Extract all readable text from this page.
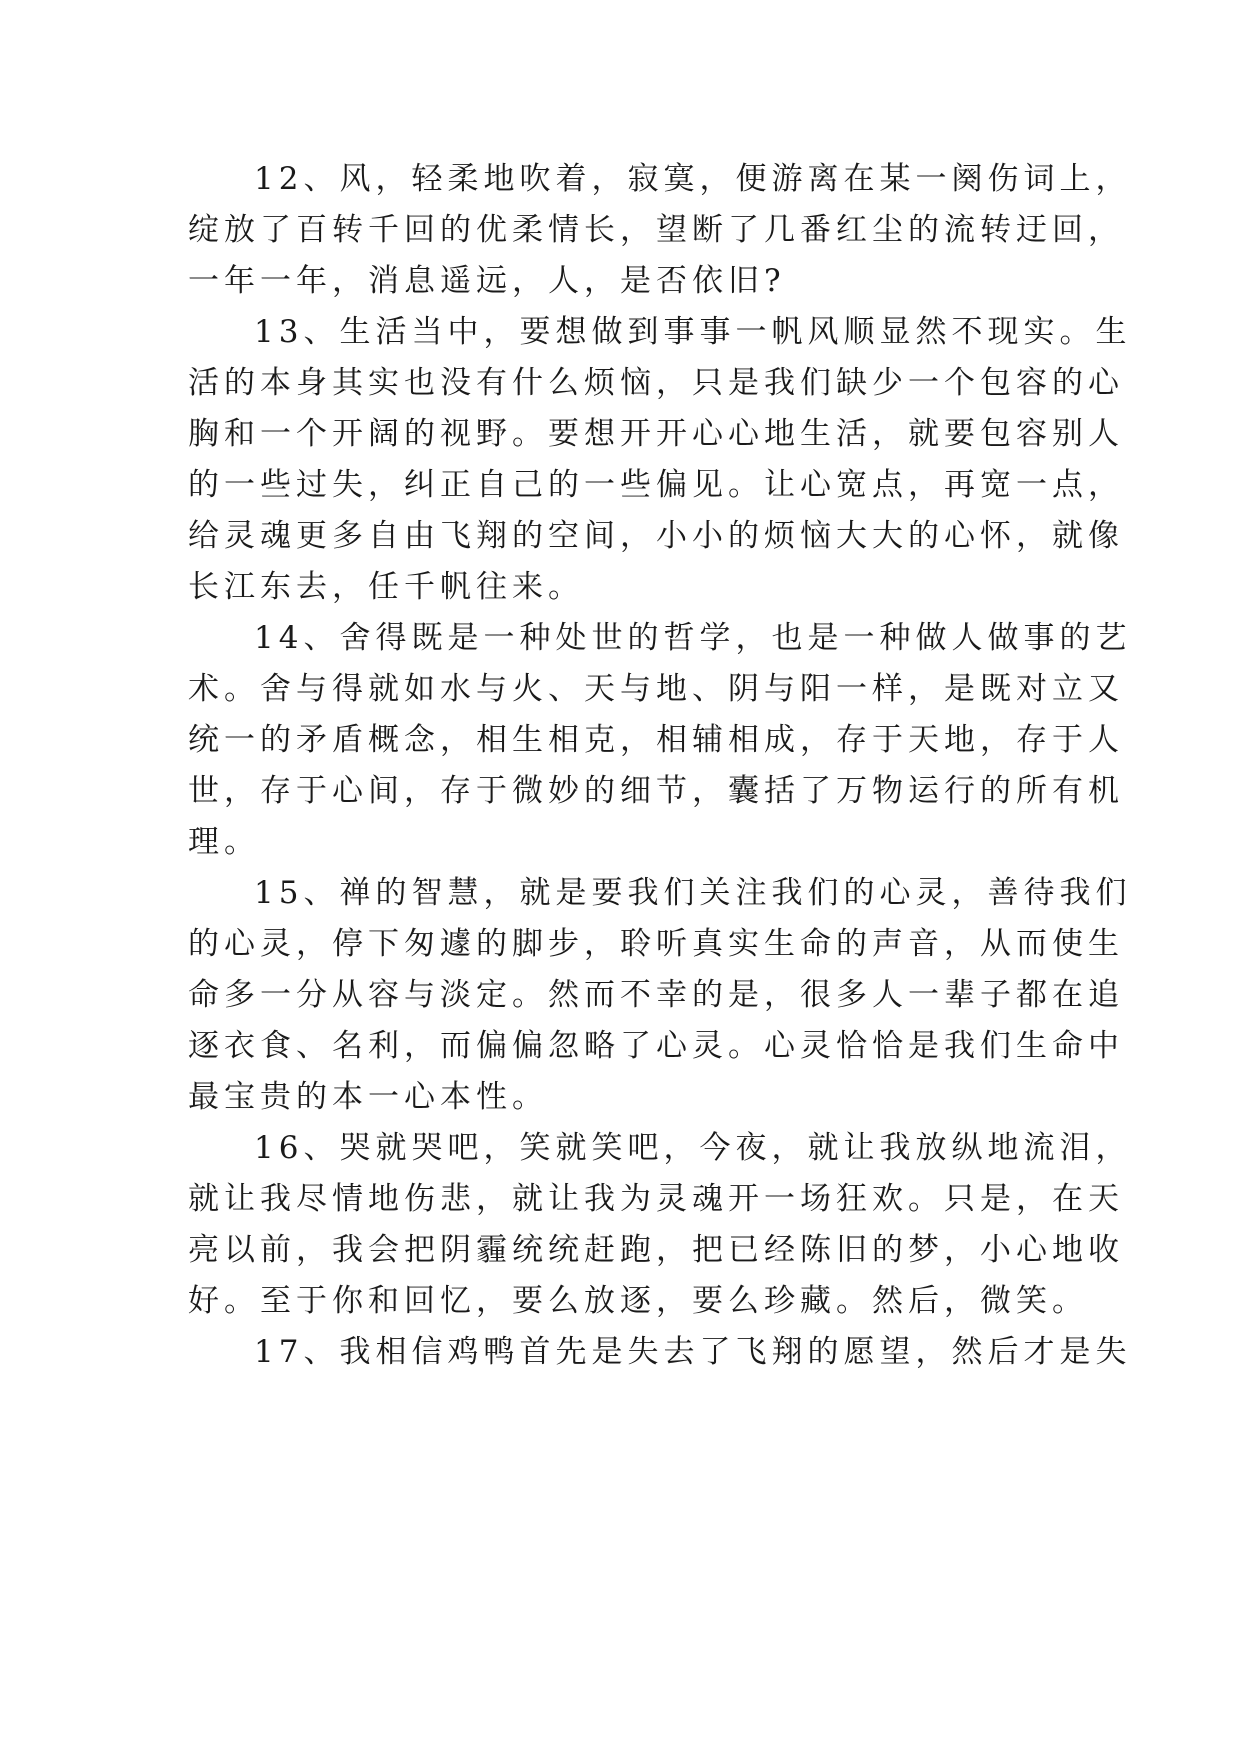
12、风，轻柔地吹着，寂寞，便游离在某一阕伤词上，
绽放了百转千回的优柔情长，望断了几番红尘的流转迂回，
一年一年，消息遥远，人，是否依旧?
13、生活当中，要想做到事事一帆风顺显然不现实。生
活的本身其实也没有什么烦恼，只是我们缺少一个包容的心
胸和一个开阔的视野。要想开开心心地生活，就要包容别人
的一些过失，纠正自己的一些偏见。让心宽点，再宽一点，
给灵魂更多自由飞翔的空间，小小的烦恼大大的心怀，就像
长江东去，任千帆往来。
14、舍得既是一种处世的哲学，也是一种做人做事的艺
术。舍与得就如水与火、天与地、阴与阳一样，是既对立又
统一的矛盾概念，相生相克，相辅相成，存于天地，存于人
世，存于心间，存于微妙的细节，囊括了万物运行的所有机
理。
15、禅的智慧，就是要我们关注我们的心灵，善待我们
的心灵，停下匆遽的脚步，聆听真实生命的声音，从而使生
命多一分从容与淡定。然而不幸的是，很多人一辈子都在追
逐衣食、名利，而偏偏忽略了心灵。心灵恰恰是我们生命中
最宝贵的本一心本性。
16、哭就哭吧，笑就笑吧，今夜，就让我放纵地流泪，
就让我尽情地伤悲，就让我为灵魂开一场狂欢。只是，在天
亮以前，我会把阴霾统统赶跑，把已经陈旧的梦，小心地收
好。至于你和回忆，要么放逐，要么珍藏。然后，微笑。
17、我相信鸡鸭首先是失去了飞翔的愿望，然后才是失
